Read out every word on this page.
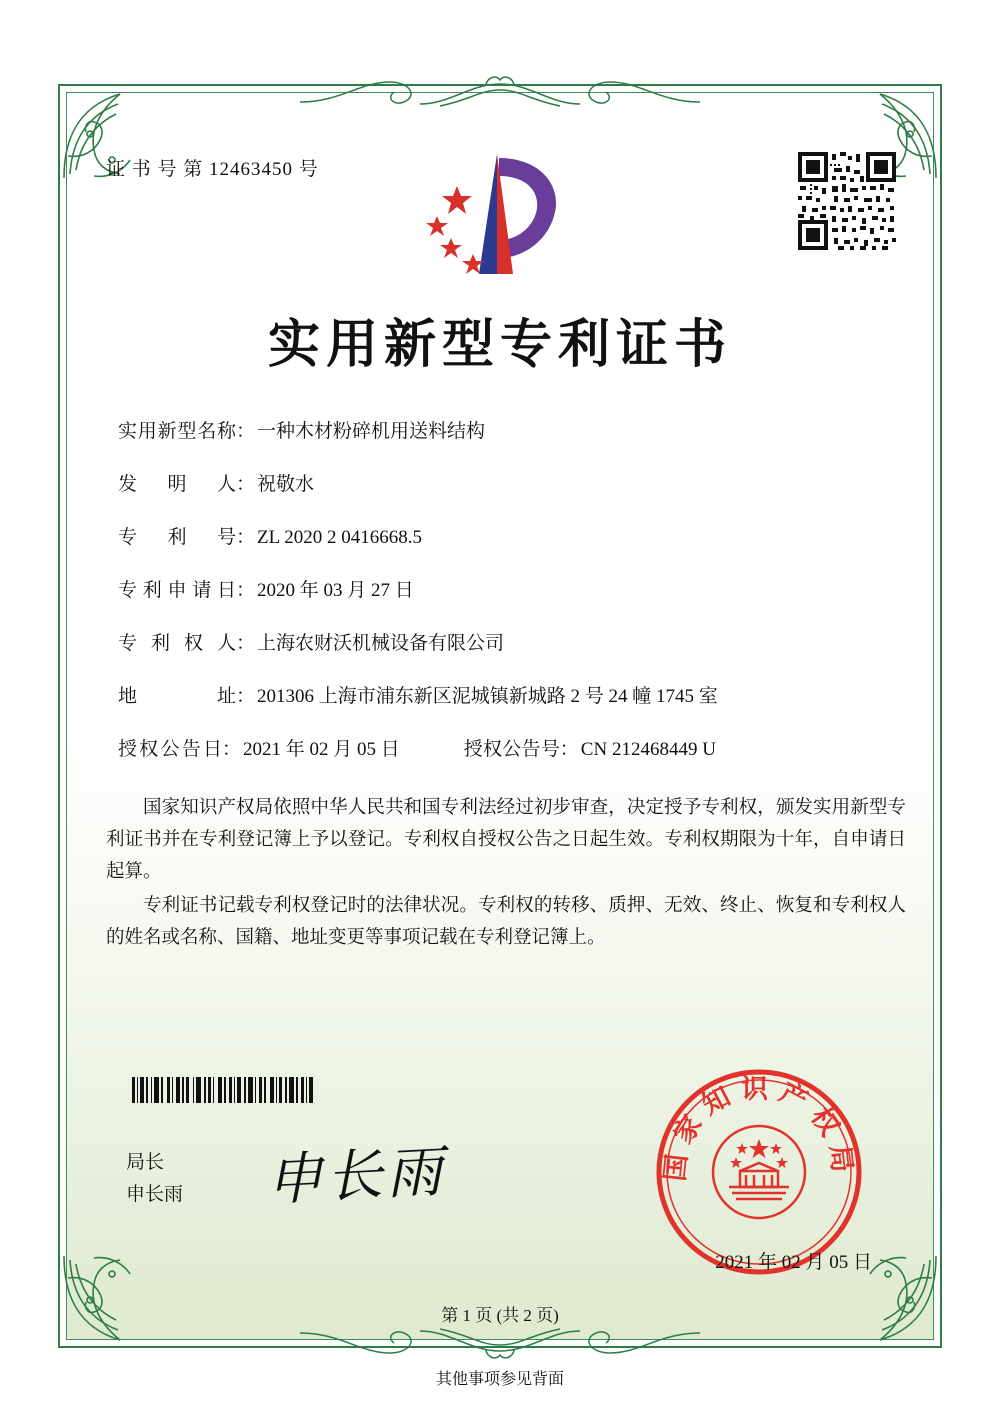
证 书 号 第 12463450 号
实用新型专利证书
实用新型名称： 一种木材粉碎机用送料结构
发明人： 祝敬水
专利号： ZL 2020 2 0416668.5
专利申请日： 2020 年 03 月 27 日
专利权人： 上海农财沃机械设备有限公司
地址： 201306 上海市浦东新区泥城镇新城路 2 号 24 幢 1745 室
授权公告日： 2021 年 02 月 05 日	授权公告号： CN 212468449 U

国家知识产权局依照中华人民共和国专利法经过初步审查，决定授予专利权，颁发实用新型专利证书并在专利登记簿上予以登记。专利权自授权公告之日起生效。专利权期限为十年，自申请日起算。

专利证书记载专利权登记时的法律状况。专利权的转移、质押、无效、终止、恢复和专利权人的姓名或名称、国籍、地址变更等事项记载在专利登记簿上。

局长
申长雨 申长雨	国家知识产权局
2021 年 02 月 05 日
第 1 页 (共 2 页)
其他事项参见背面
